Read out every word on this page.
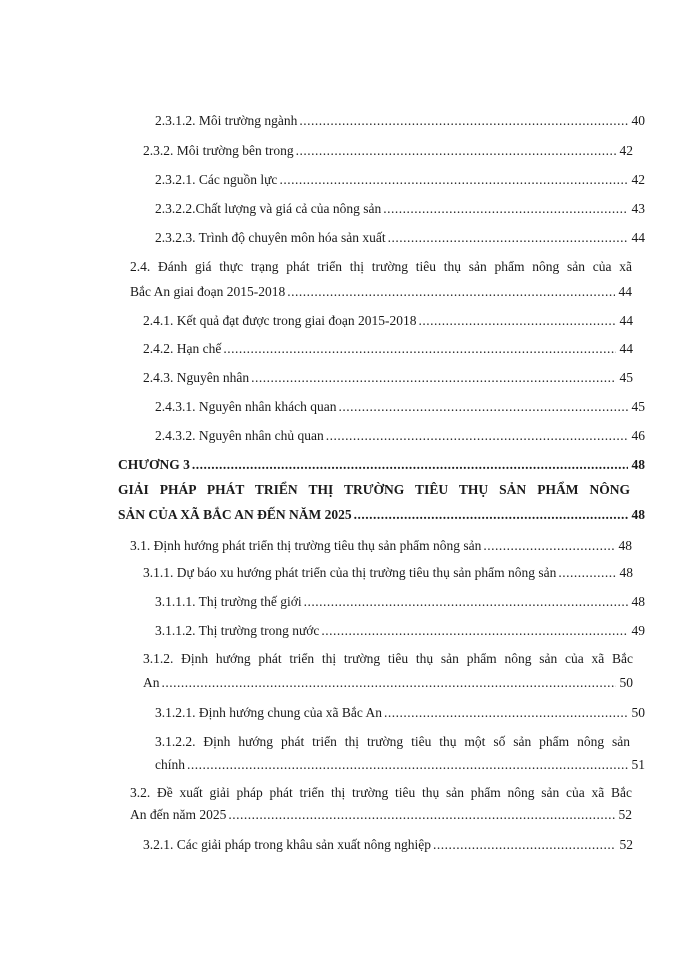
2.3.1.2. Môi trường ngành .....	40
2.3.2. Môi trường bên trong .....	42
2.3.2.1. Các nguồn lực .....	42
2.3.2.2.Chất lượng và giá cả của nông sản .....	43
2.3.2.3. Trình độ chuyên môn hóa sản xuất .....	44
2.4. Đánh giá thực trạng phát triển thị trường tiêu thụ sản phẩm nông sản của xã
Bắc An giai đoạn 2015-2018 .....	44
2.4.1. Kết quả đạt được trong giai đoạn 2015-2018 .....	44
2.4.2. Hạn chế .....	44
2.4.3. Nguyên nhân .....	45
2.4.3.1. Nguyên nhân khách quan .....	45
2.4.3.2. Nguyên nhân chủ quan .....	46
CHƯƠNG 3 .....	48
GIẢI PHÁP PHÁT TRIỂN THỊ TRƯỜNG TIÊU THỤ SẢN PHẨM NÔNG
SẢN CỦA XÃ BẮC AN ĐẾN NĂM 2025 .....	48
3.1. Định hướng phát triển thị trường tiêu thụ sản phẩm nông sản .....	48
3.1.1. Dự báo xu hướng phát triển của thị trường tiêu thụ sản phẩm nông sản .....	48
3.1.1.1. Thị trường thế giới .....	48
3.1.1.2. Thị trường trong nước .....	49
3.1.2. Định hướng phát triển thị trường tiêu thụ sản phẩm nông sản của xã Bắc
An .....	50
3.1.2.1. Định hướng chung của xã Bắc An .....	50
3.1.2.2. Định hướng phát triển thị trường tiêu thụ một số sản phẩm nông sản
chính .....	51
3.2. Đề xuất giải pháp phát triển thị trường tiêu thụ sản phẩm nông sản của xã Bắc
An đến năm 2025 .....	52
3.2.1. Các giải pháp trong khâu sản xuất nông nghiệp .....	52
